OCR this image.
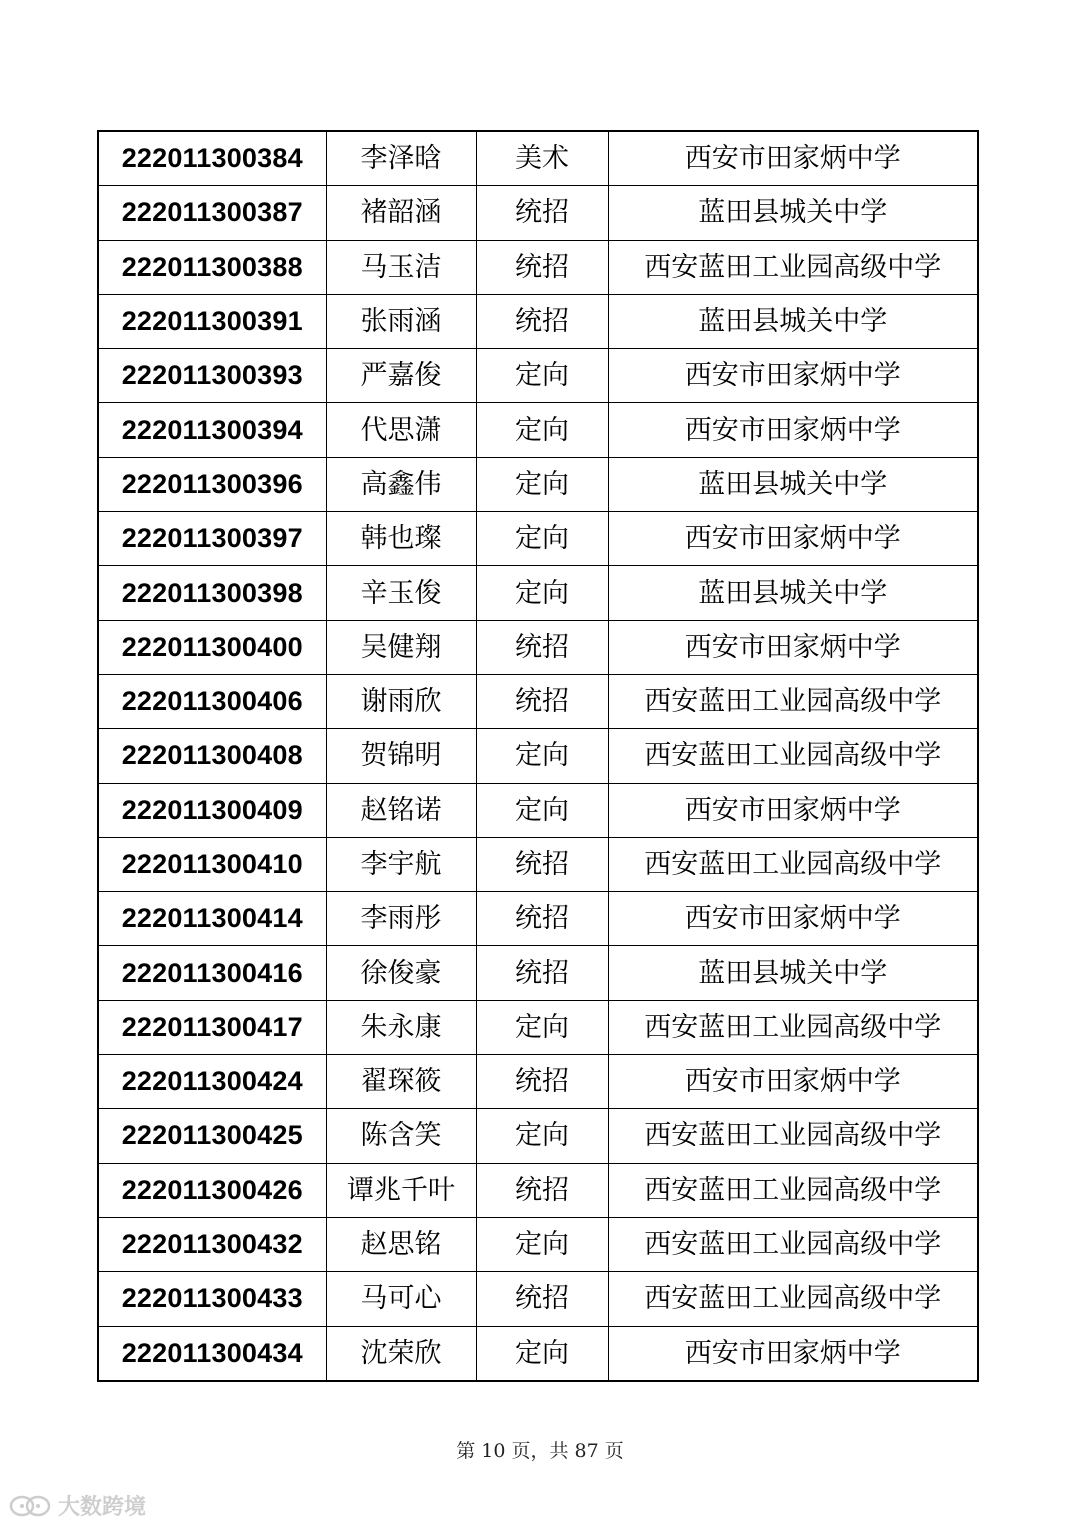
222011300384	李泽晗	美术	西安市田家炳中学
222011300387	褚韶涵	统招	蓝田县城关中学
222011300388	马玉洁	统招	西安蓝田工业园高级中学
222011300391	张雨涵	统招	蓝田县城关中学
222011300393	严嘉俊	定向	西安市田家炳中学
222011300394	代思潇	定向	西安市田家炳中学
222011300396	高鑫伟	定向	蓝田县城关中学
222011300397	韩也璨	定向	西安市田家炳中学
222011300398	辛玉俊	定向	蓝田县城关中学
222011300400	吴健翔	统招	西安市田家炳中学
222011300406	谢雨欣	统招	西安蓝田工业园高级中学
222011300408	贺锦明	定向	西安蓝田工业园高级中学
222011300409	赵铭诺	定向	西安市田家炳中学
222011300410	李宇航	统招	西安蓝田工业园高级中学
222011300414	李雨彤	统招	西安市田家炳中学
222011300416	徐俊豪	统招	蓝田县城关中学
222011300417	朱永康	定向	西安蓝田工业园高级中学
222011300424	翟琛筱	统招	西安市田家炳中学
222011300425	陈含笑	定向	西安蓝田工业园高级中学
222011300426	谭兆千叶	统招	西安蓝田工业园高级中学
222011300432	赵思铭	定向	西安蓝田工业园高级中学
222011300433	马可心	统招	西安蓝田工业园高级中学
222011300434	沈荣欣	定向	西安市田家炳中学
第 10 页，共 87 页
大数跨境
